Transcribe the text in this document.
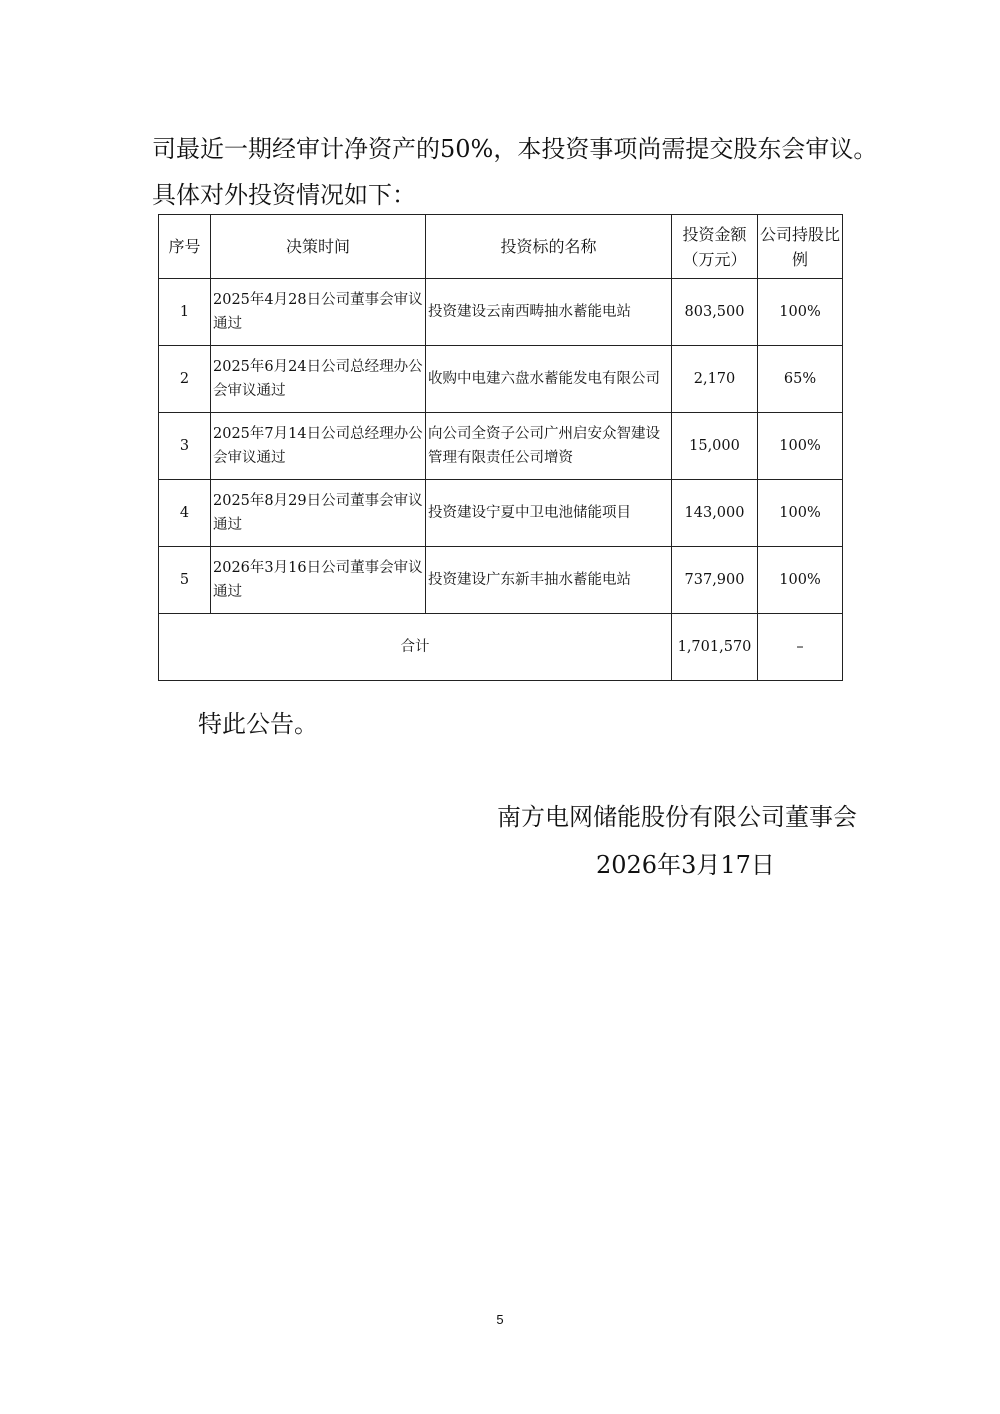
司最近一期经审计净资产的50%，本投资事项尚需提交股东会审议。

具体对外投资情况如下：

序号	决策时间	投资标的名称	投资金额（万元）	公司持股比例
1	2025年4月28日公司董事会审议通过	投资建设云南西畴抽水蓄能电站	803,500	100%
2	2025年6月24日公司总经理办公会审议通过	收购中电建六盘水蓄能发电有限公司	2,170	65%
3	2025年7月14日公司总经理办公会审议通过	向公司全资子公司广州启安众智建设管理有限责任公司增资	15,000	100%
4	2025年8月29日公司董事会审议通过	投资建设宁夏中卫电池储能项目	143,000	100%
5	2026年3月16日公司董事会审议通过	投资建设广东新丰抽水蓄能电站	737,900	100%
合计			1,701,570	–

特此公告。

南方电网储能股份有限公司董事会

2026年3月17日

5
